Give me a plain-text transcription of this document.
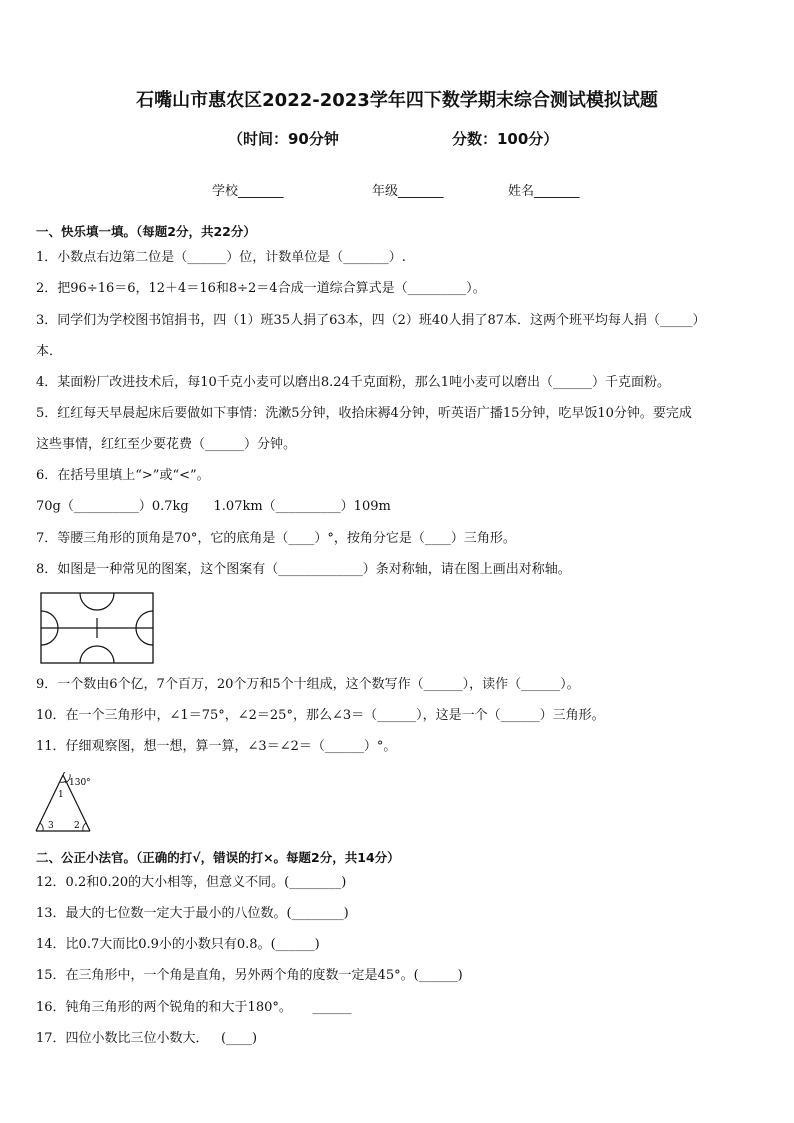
石嘴山市惠农区2022-2023学年四下数学期末综合测试模拟试题
（时间：90分钟	分数：100分）
学校_______	年级_______	姓名_______
一、快乐填一填。（每题2分，共22分）
1．小数点右边第二位是（______）位，计数单位是（_______）.
2．把96÷16＝6，12＋4＝16和8÷2＝4合成一道综合算式是（_________）。
3．同学们为学校图书馆捐书，四（1）班35人捐了63本，四（2）班40人捐了87本．这两个班平均每人捐（_____）
本．
4．某面粉厂改进技术后，每10千克小麦可以磨出8.24千克面粉，那么1吨小麦可以磨出（______）千克面粉。
5．红红每天早晨起床后要做如下事情：洗漱5分钟，收拾床褥4分钟，听英语广播15分钟，吃早饭10分钟。要完成
这些事情，红红至少要花费（______）分钟。
6．在括号里填上“>”或“<”。
70g（__________）0.7kg      1.07km（__________）109m
7．等腰三角形的顶角是70°，它的底角是（____）°，按角分它是（____）三角形。
8．如图是一种常见的图案，这个图案有（_____________）条对称轴，请在图上画出对称轴。
9．一个数由6个亿，7个百万，20个万和5个十组成，这个数写作（______），读作（______）。
10．在一个三角形中，∠1＝75°，∠2＝25°，那么∠3＝（______），这是一个（______）三角形。
11．仔细观察图，想一想，算一算，∠3＝∠2＝（______）°。
130°
1
2
3
二、公正小法官。（正确的打√，错误的打×。每题2分，共14分）
12．0.2和0.20的大小相等，但意义不同。(________)
13．最大的七位数一定大于最小的八位数。(________)
14．比0.7大而比0.9小的小数只有0.8。(______)
15．在三角形中，一个角是直角，另外两个角的度数一定是45°。(______)
16．钝角三角形的两个锐角的和大于180°。     ______
17．四位小数比三位小数大．   (____)
